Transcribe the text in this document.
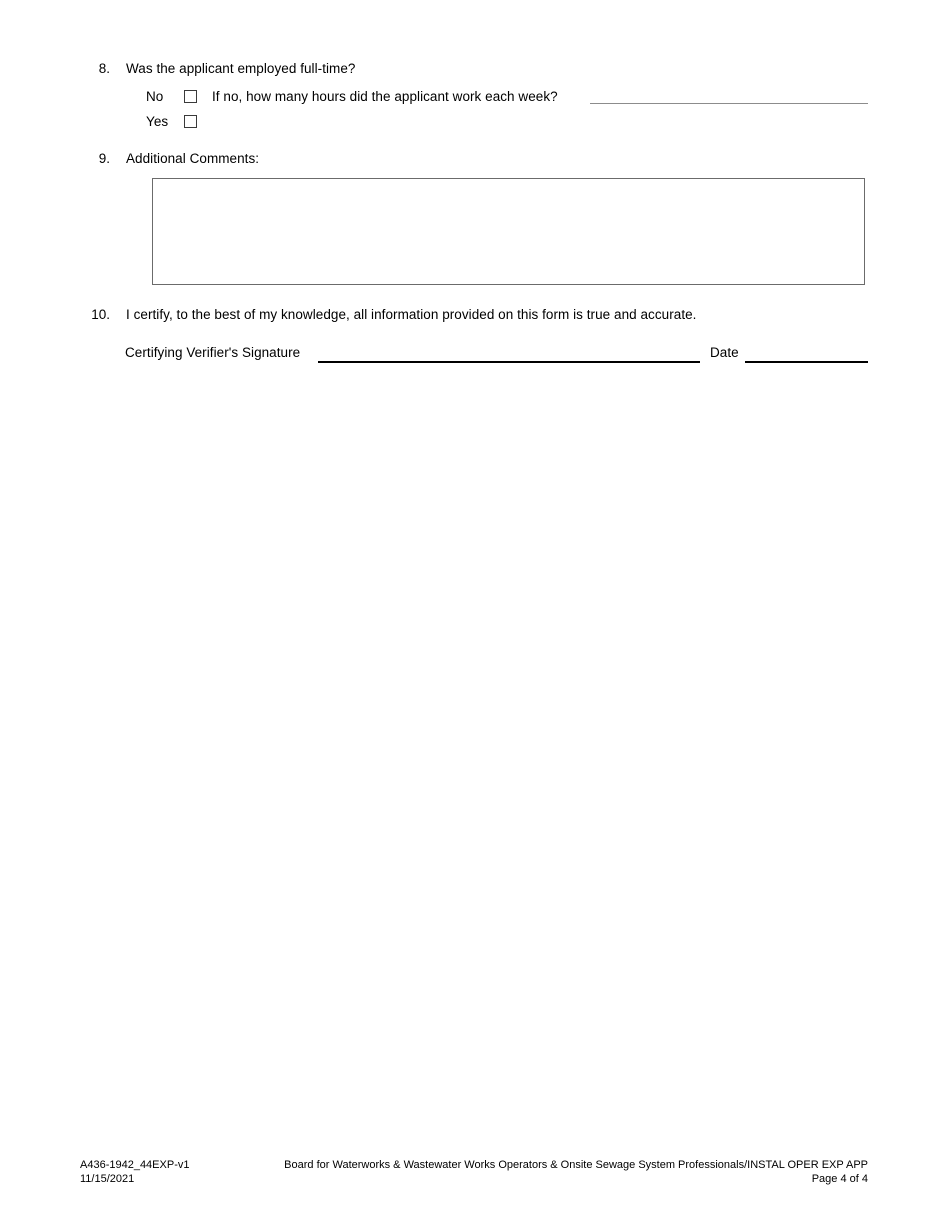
8. Was the applicant employed full-time?
No
Yes
If no, how many hours did the applicant work each week?
9. Additional Comments:
10. I certify, to the best of my knowledge, all information provided on this form is true and accurate.
Certifying Verifier's Signature	Date
A436-1942_44EXP-v1	Board for Waterworks & Wastewater Works Operators & Onsite Sewage System Professionals/INSTAL OPER EXP APP
11/15/2021	Page 4 of 4
